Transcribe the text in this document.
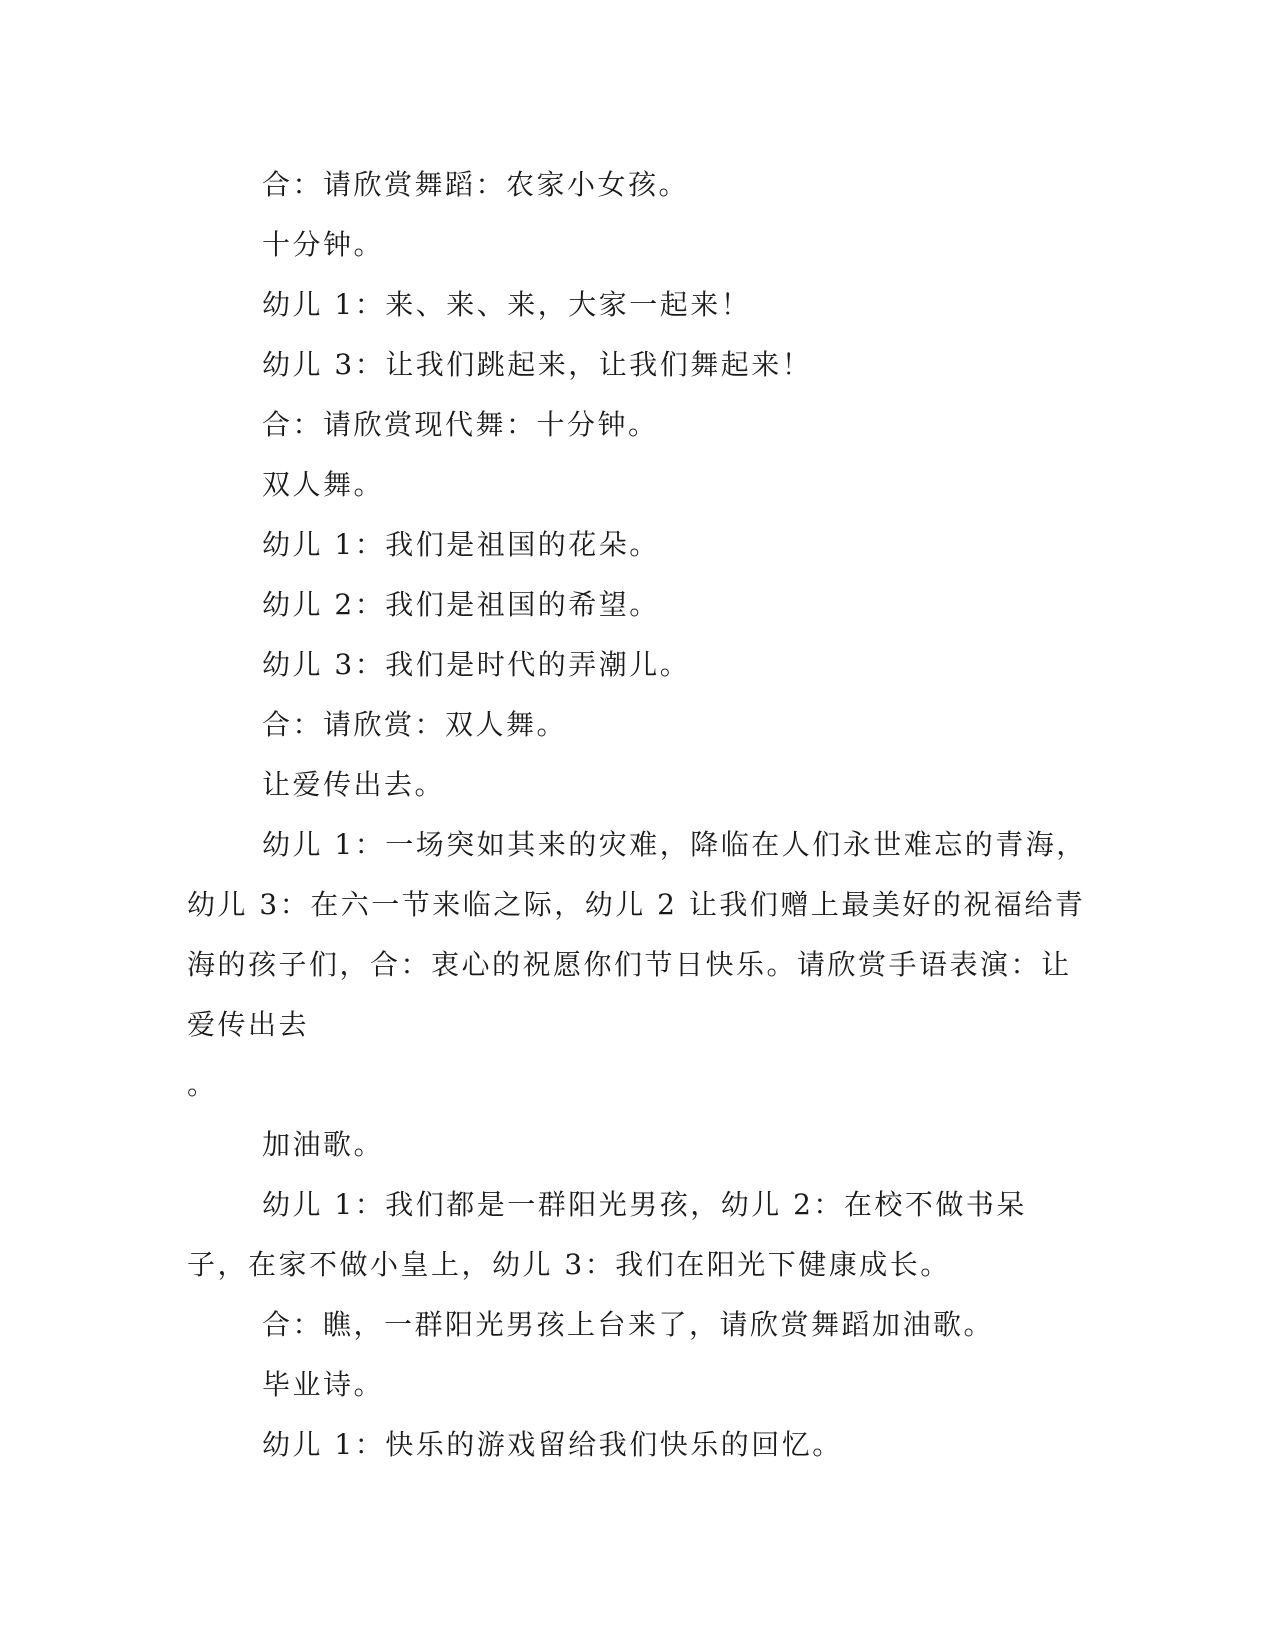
合：请欣赏舞蹈：农家小女孩。

十分钟。

幼儿 1：来、来、来，大家一起来！

幼儿 3：让我们跳起来，让我们舞起来！

合：请欣赏现代舞：十分钟。

双人舞。

幼儿 1：我们是祖国的花朵。

幼儿 2：我们是祖国的希望。

幼儿 3：我们是时代的弄潮儿。

合：请欣赏：双人舞。

让爱传出去。

幼儿 1：一场突如其来的灾难，降临在人们永世难忘的青海，幼儿 3：在六一节来临之际，幼儿 2 让我们赠上最美好的祝福给青海的孩子们，合：衷心的祝愿你们节日快乐。请欣赏手语表演：让爱传出去

。

加油歌。

幼儿 1：我们都是一群阳光男孩，幼儿 2：在校不做书呆子，在家不做小皇上，幼儿 3：我们在阳光下健康成长。

合：瞧，一群阳光男孩上台来了，请欣赏舞蹈加油歌。

毕业诗。

幼儿 1：快乐的游戏留给我们快乐的回忆。
